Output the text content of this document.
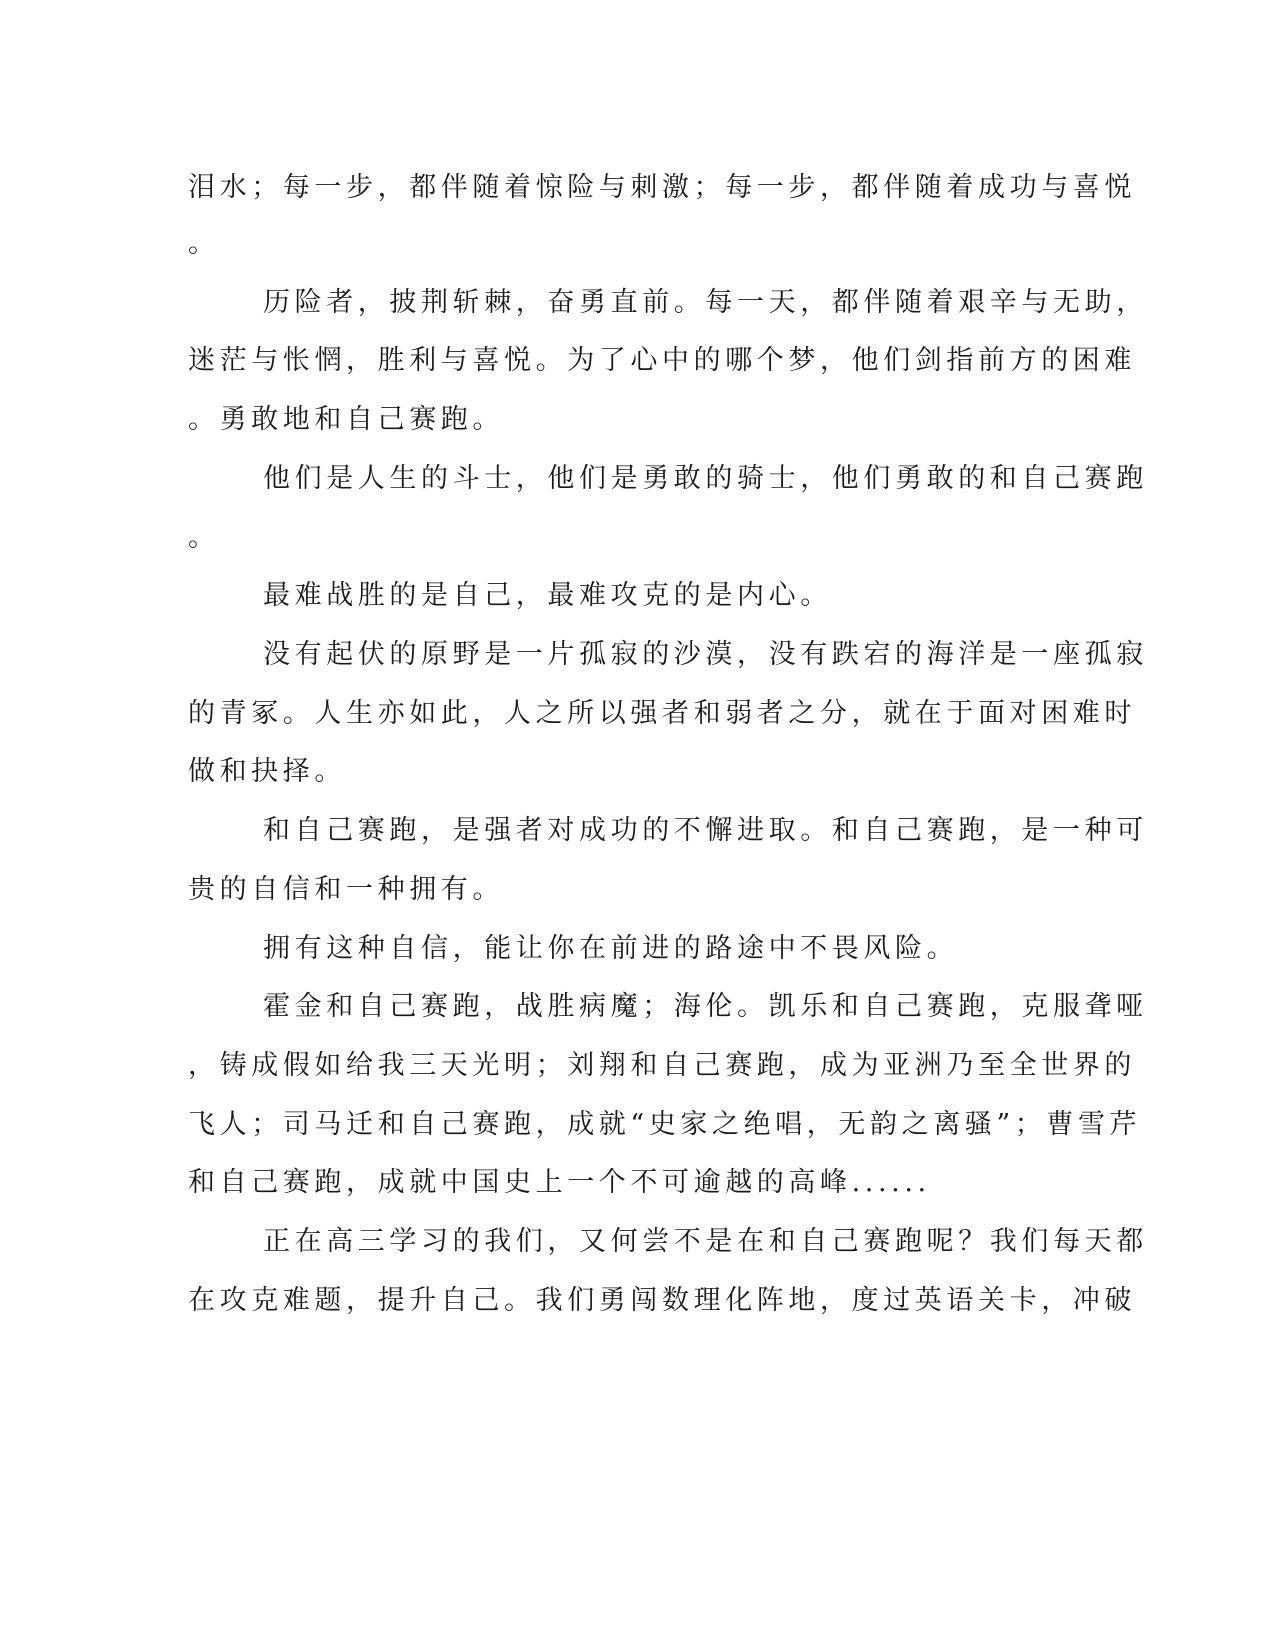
泪水；每一步，都伴随着惊险与刺激；每一步，都伴随着成功与喜悦
。
历险者，披荆斩棘，奋勇直前。每一天，都伴随着艰辛与无助，
迷茫与怅惘，胜利与喜悦。为了心中的哪个梦，他们剑指前方的困难
。勇敢地和自己赛跑。
他们是人生的斗士，他们是勇敢的骑士，他们勇敢的和自己赛跑
。
最难战胜的是自己，最难攻克的是内心。
没有起伏的原野是一片孤寂的沙漠，没有跌宕的海洋是一座孤寂
的青冢。人生亦如此，人之所以强者和弱者之分，就在于面对困难时
做和抉择。
和自己赛跑，是强者对成功的不懈进取。和自己赛跑，是一种可
贵的自信和一种拥有。
拥有这种自信，能让你在前进的路途中不畏风险。
霍金和自己赛跑，战胜病魔；海伦。凯乐和自己赛跑，克服聋哑
，铸成假如给我三天光明；刘翔和自己赛跑，成为亚洲乃至全世界的
飞人；司马迁和自己赛跑，成就“史家之绝唱，无韵之离骚”；曹雪芹
和自己赛跑，成就中国史上一个不可逾越的高峰......
正在高三学习的我们，又何尝不是在和自己赛跑呢？我们每天都
在攻克难题，提升自己。我们勇闯数理化阵地，度过英语关卡，冲破
